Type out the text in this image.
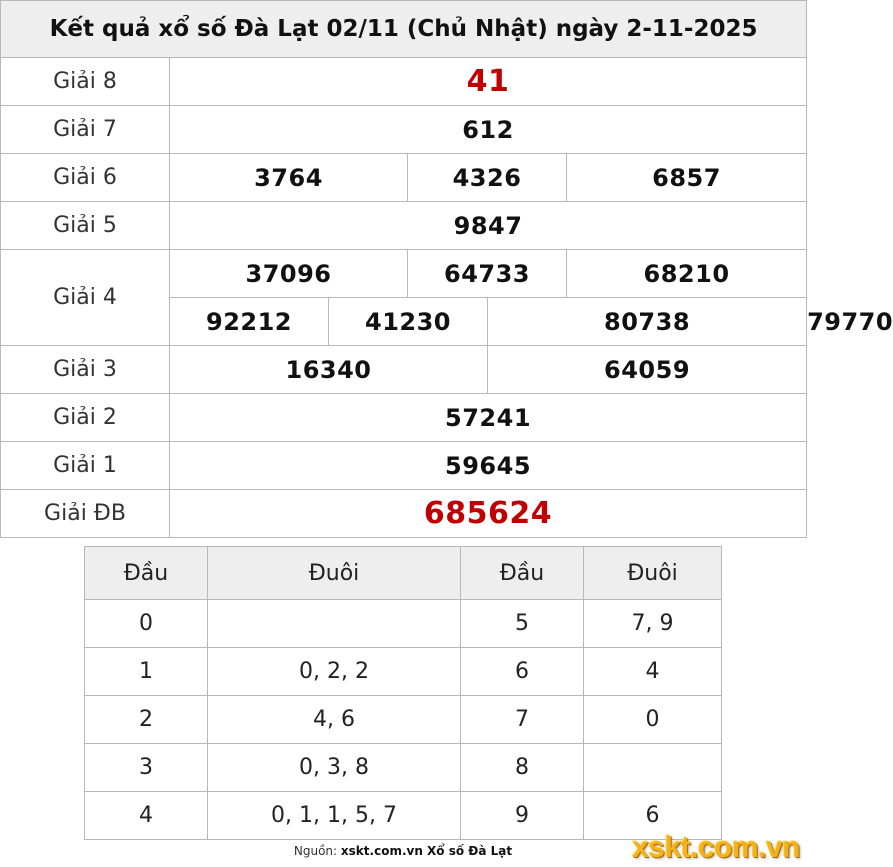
Kết quả xổ số Đà Lạt 02/11 (Chủ Nhật) ngày 2-11-2025						
Giải 8	41					
Giải 7	612					
Giải 6	3764		4326		6857	
Giải 5	9847					
Giải 4	37096		64733		68210	
	92212	41230		80738		79770
Giải 3	16340			64059		
Giải 2	57241					
Giải 1	59645					
Giải ĐB	685624					
Đầu	Đuôi	Đầu	Đuôi
0		5	7, 9
1	0, 2, 2	6	4
2	4, 6	7	0
3	0, 3, 8	8	
4	0, 1, 1, 5, 7	9	6
Nguồn: xskt.com.vn Xổ số Đà Lạt	xskt.com.vn
